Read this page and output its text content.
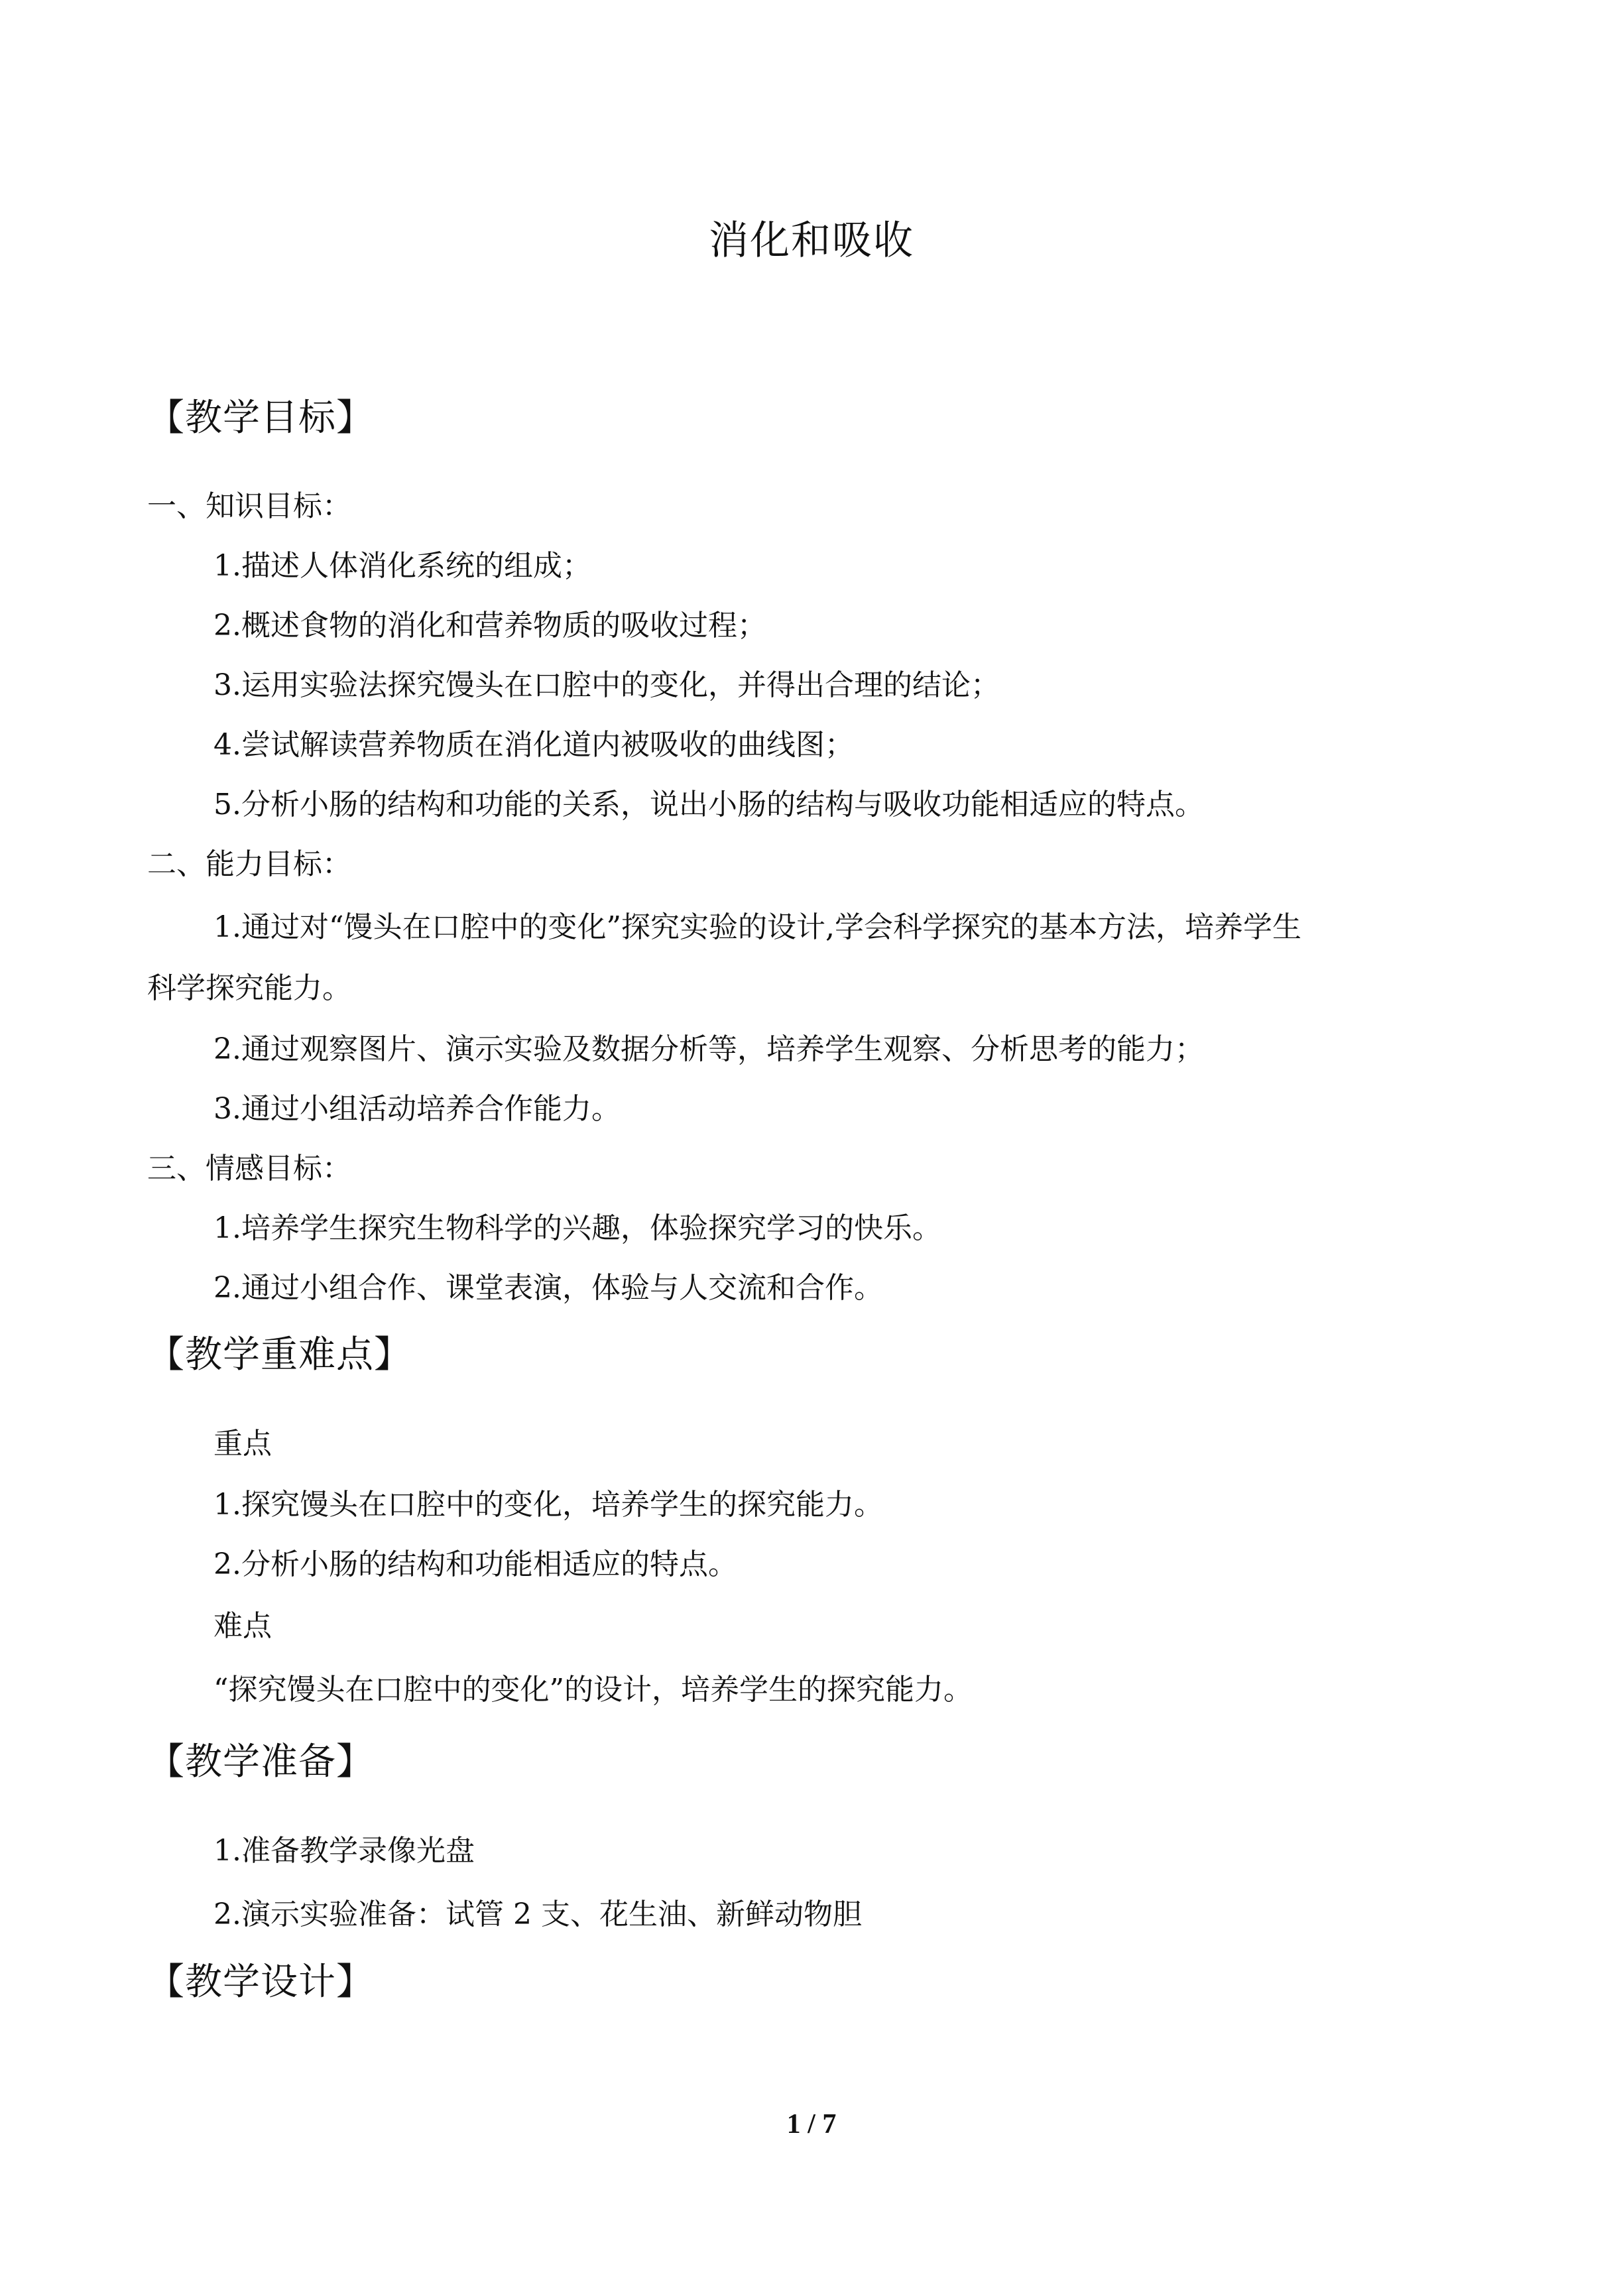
消化和吸收
【教学目标】
一、知识目标：
1.描述人体消化系统的组成；
2.概述食物的消化和营养物质的吸收过程；
3.运用实验法探究馒头在口腔中的变化，并得出合理的结论；
4.尝试解读营养物质在消化道内被吸收的曲线图；
5.分析小肠的结构和功能的关系，说出小肠的结构与吸收功能相适应的特点。
二、能力目标：
1.通过对“馒头在口腔中的变化”探究实验的设计,学会科学探究的基本方法，培养学生
科学探究能力。
2.通过观察图片、演示实验及数据分析等，培养学生观察、分析思考的能力；
3.通过小组活动培养合作能力。
三、情感目标：
1.培养学生探究生物科学的兴趣，体验探究学习的快乐。
2.通过小组合作、课堂表演，体验与人交流和合作。
【教学重难点】
重点
1.探究馒头在口腔中的变化，培养学生的探究能力。
2.分析小肠的结构和功能相适应的特点。
难点
“探究馒头在口腔中的变化”的设计，培养学生的探究能力。
【教学准备】
1.准备教学录像光盘
2.演示实验准备：试管 2 支、花生油、新鲜动物胆
【教学设计】
1 / 7
